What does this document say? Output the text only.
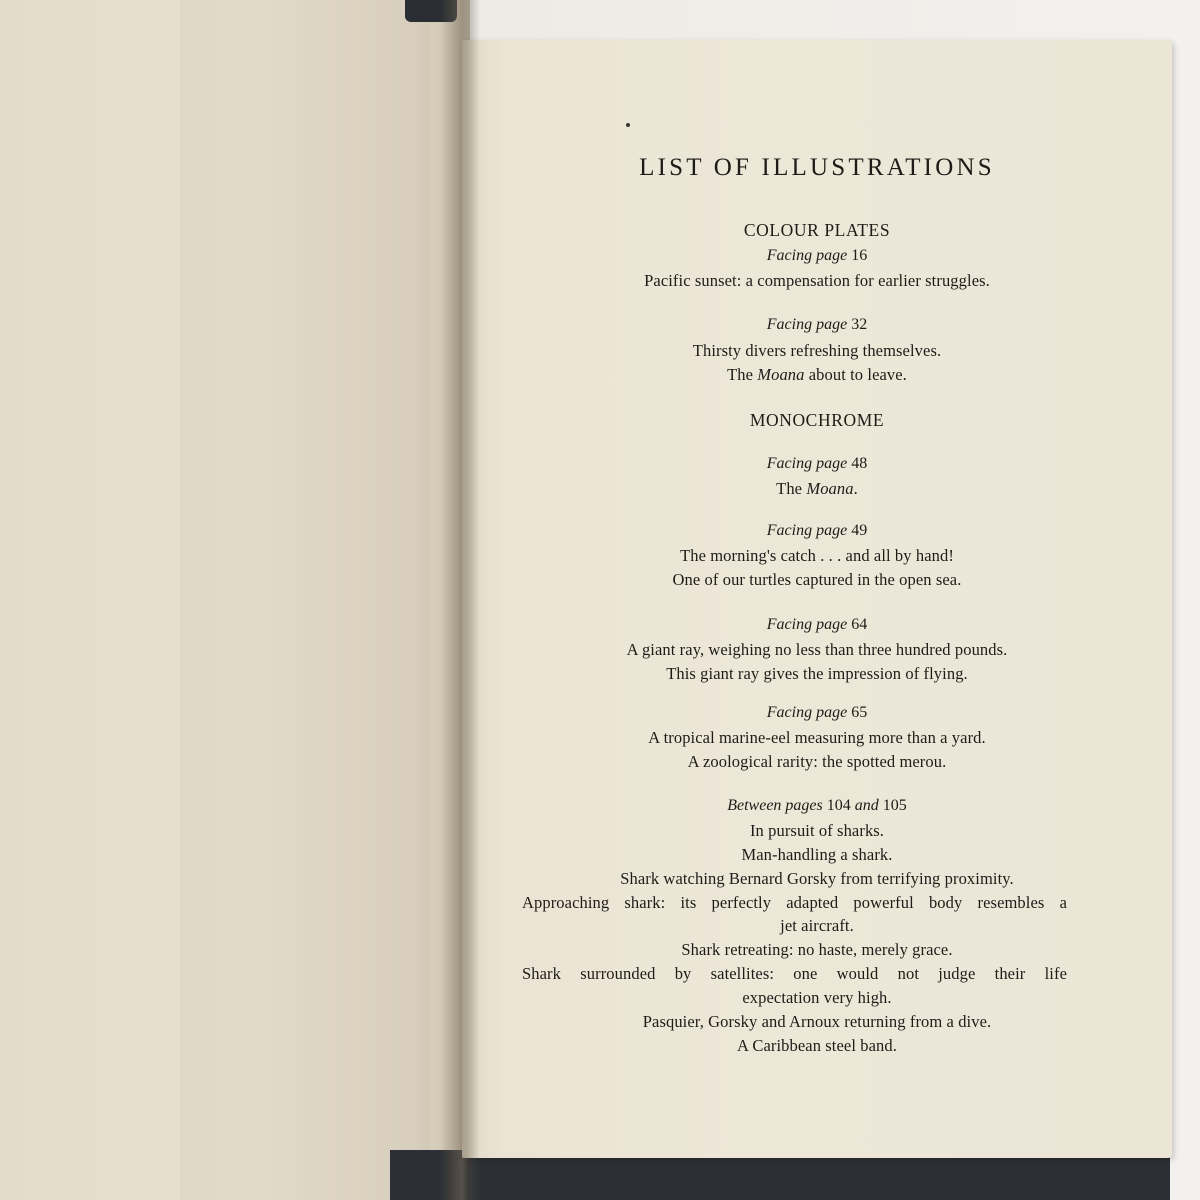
LIST OF ILLUSTRATIONS
COLOUR PLATES
Facing page 16
Pacific sunset: a compensation for earlier struggles.
Facing page 32
Thirsty divers refreshing themselves.
The Moana about to leave.
MONOCHROME
Facing page 48
The Moana.
Facing page 49
The morning's catch . . . and all by hand!
One of our turtles captured in the open sea.
Facing page 64
A giant ray, weighing no less than three hundred pounds.
This giant ray gives the impression of flying.
Facing page 65
A tropical marine-eel measuring more than a yard.
A zoological rarity: the spotted merou.
Between pages 104 and 105
In pursuit of sharks.
Man-handling a shark.
Shark watching Bernard Gorsky from terrifying proximity.
Approaching shark: its perfectly adapted powerful body resembles a
jet aircraft.
Shark retreating: no haste, merely grace.
Shark surrounded by satellites: one would not judge their life
expectation very high.
Pasquier, Gorsky and Arnoux returning from a dive.
A Caribbean steel band.
